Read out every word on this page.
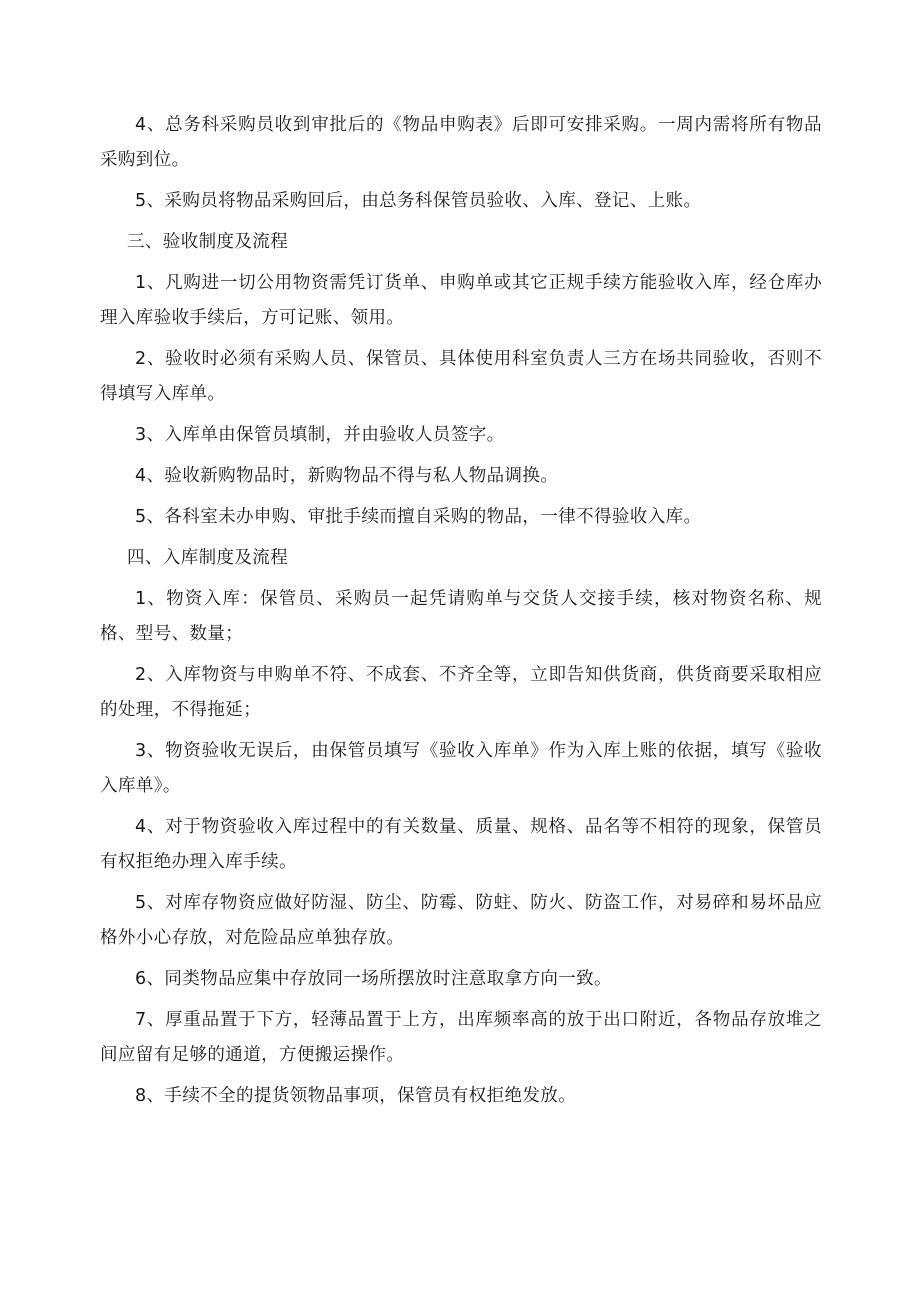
4、总务科采购员收到审批后的《物品申购表》后即可安排采购。一周内需将所有物品采购到位。

5、采购员将物品采购回后，由总务科保管员验收、入库、登记、上账。

三、验收制度及流程

1、凡购进一切公用物资需凭订货单、申购单或其它正规手续方能验收入库，经仓库办理入库验收手续后，方可记账、领用。

2、验收时必须有采购人员、保管员、具体使用科室负责人三方在场共同验收，否则不得填写入库单。

3、入库单由保管员填制，并由验收人员签字。

4、验收新购物品时，新购物品不得与私人物品调换。

5、各科室未办申购、审批手续而擅自采购的物品，一律不得验收入库。

四、入库制度及流程

1、物资入库：保管员、采购员一起凭请购单与交货人交接手续，核对物资名称、规格、型号、数量；

2、入库物资与申购单不符、不成套、不齐全等，立即告知供货商，供货商要采取相应的处理，不得拖延；

3、物资验收无误后，由保管员填写《验收入库单》作为入库上账的依据，填写《验收入库单》。

4、对于物资验收入库过程中的有关数量、质量、规格、品名等不相符的现象，保管员有权拒绝办理入库手续。

5、对库存物资应做好防湿、防尘、防霉、防蛀、防火、防盗工作，对易碎和易坏品应格外小心存放，对危险品应单独存放。

6、同类物品应集中存放同一场所摆放时注意取拿方向一致。

7、厚重品置于下方，轻薄品置于上方，出库频率高的放于出口附近，各物品存放堆之间应留有足够的通道，方便搬运操作。

8、手续不全的提货领物品事项，保管员有权拒绝发放。
